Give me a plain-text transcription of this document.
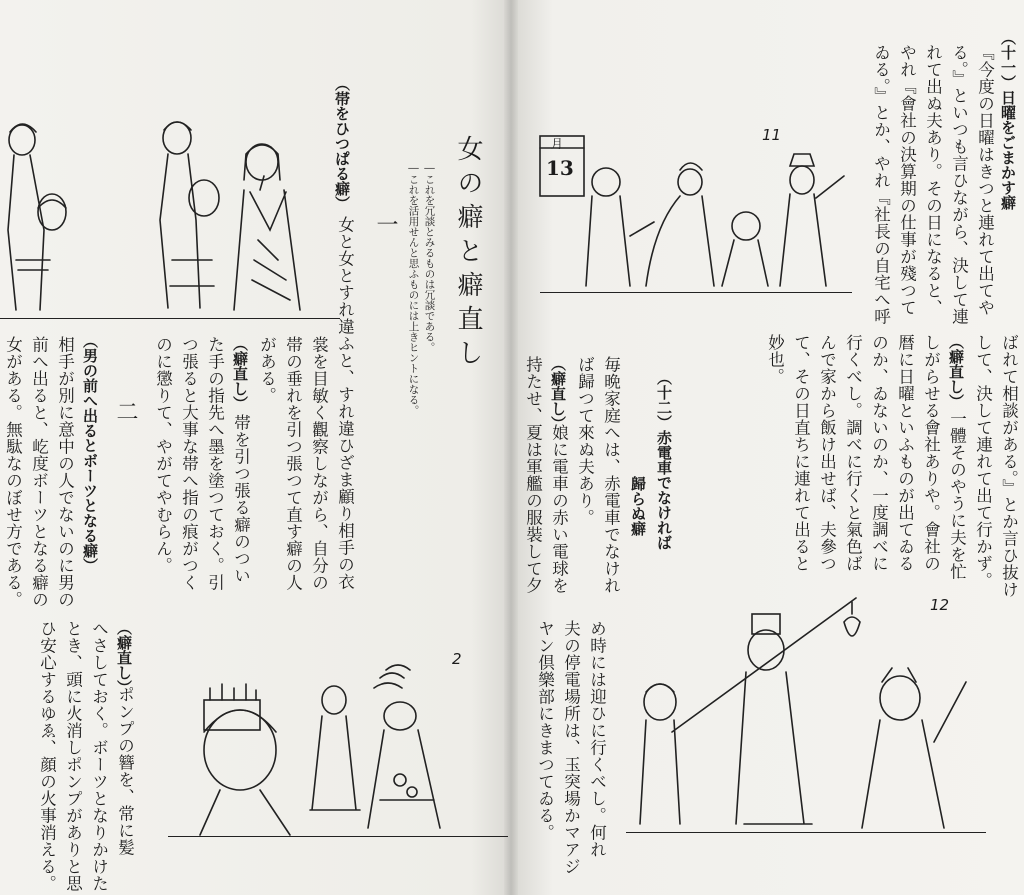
女の癖と癖直し
―これを冗談とみるものは冗談である。
―これを活用せんと思ふものには上きヒントになる。
一
（帯をひつぱる癖）
女と女とすれ違ふと、すれ違ひざま顧り相手の衣
裳を目敏く觀察しながら、自分の
帯の垂れを引つ張つて直す癖の人
がある。
（癖直し）
帯を引つ張る癖のつい
た手の指先へ墨を塗つておく。引
つ張ると大事な帯へ指の痕がつく
のに懲りて、やがてやむらん。
二
（男の前へ出るとボーツとなる癖）
相手が別に意中の人でないのに男の
前へ出ると、屹度ボーツとなる癖の
女がある。無駄なのぼせ方である。
（癖直し）
ポンプの簪を、常に髪
へさしておく。ボーツとなりかけた
とき、頭に火消しポンプがありと思
ひ安心するゆゑ、顔の火事消える。	2
（十一）日曜をごまかす癖
『今度の日曜はきつと連れて出てや
る。』といつも言ひながら、決して連
れて出ぬ夫あり。その日になると、
やれ『會社の決算期の仕事が殘つて
ゐる。』とか、やれ『社長の自宅へ呼
ばれて相談がある。』とか言ひ抜け
して、決して連れて出て行かず。
（癖直し）
一體そのやうに夫を忙
しがらせる會社ありや。會社の
暦に日曜といふものが出てゐる
のか、ゐないのか、一度調べに
行くべし。調べに行くと氣色ば
んで家から飯け出せば、夫參つ
て、その日直ちに連れて出ると
妙也。
（十二）赤電車でなければ
歸らぬ癖
毎晩家庭へは、赤電車でなけれ
ば歸つて來ぬ夫あり。
（癖直し）
娘に電車の赤い電球を
持たせ、夏は軍艦の服裝して夕
め時には迎ひに行くべし。何れ
夫の停電場所は、玉突場かマアジ
ヤン倶樂部にきまつてゐる。
11
月
13
12
